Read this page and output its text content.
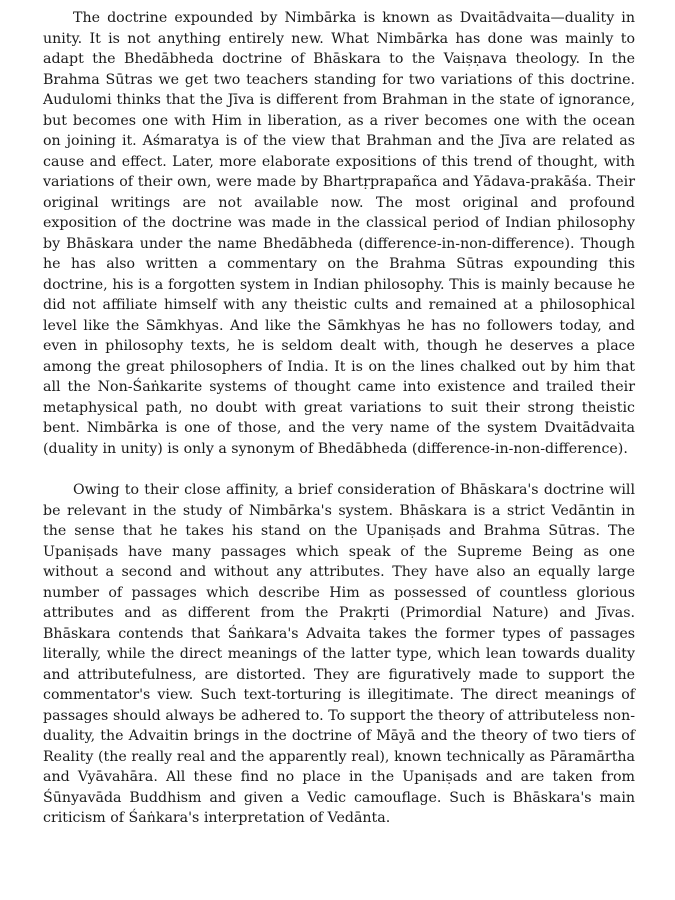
The doctrine expounded by Nimbārka is known as Dvaitādvaita—duality in unity. It is not anything entirely new. What Nimbārka has done was mainly to adapt the Bhedābheda doctrine of Bhāskara to the Vaiṣṇava theology. In the Brahma Sūtras we get two teachers standing for two variations of this doctrine. Audulomi thinks that the Jīva is different from Brahman in the state of ignorance, but becomes one with Him in liberation, as a river becomes one with the ocean on joining it. Aśmaratya is of the view that Brahman and the Jīva are related as cause and effect. Later, more elaborate expositions of this trend of thought, with variations of their own, were made by Bhartṛprapañca and Yādava-prakāśa. Their original writings are not available now. The most original and profound exposition of the doctrine was made in the classical period of Indian philosophy by Bhāskara under the name Bhedābheda (difference-in-non-difference). Though he has also written a commentary on the Brahma Sūtras expounding this doctrine, his is a forgotten system in Indian philosophy. This is mainly because he did not affiliate himself with any theistic cults and remained at a philosophical level like the Sāmkhyas. And like the Sāmkhyas he has no followers today, and even in philosophy texts, he is seldom dealt with, though he deserves a place among the great philosophers of India. It is on the lines chalked out by him that all the Non-Śaṅkarite systems of thought came into existence and trailed their metaphysical path, no doubt with great variations to suit their strong theistic bent. Nimbārka is one of those, and the very name of the system Dvaitādvaita (duality in unity) is only a synonym of Bhedābheda (difference-in-non-difference).

Owing to their close affinity, a brief consideration of Bhāskara's doctrine will be relevant in the study of Nimbārka's system. Bhāskara is a strict Vedāntin in the sense that he takes his stand on the Upaniṣads and Brahma Sūtras. The Upaniṣads have many passages which speak of the Supreme Being as one without a second and without any attributes. They have also an equally large number of passages which describe Him as possessed of countless glorious attributes and as different from the Prakṛti (Primordial Nature) and Jīvas. Bhāskara contends that Śaṅkara's Advaita takes the former types of passages literally, while the direct meanings of the latter type, which lean towards duality and attributefulness, are distorted. They are figuratively made to support the commentator's view. Such text-torturing is illegitimate. The direct meanings of passages should always be adhered to. To support the theory of attributeless non-duality, the Advaitin brings in the doctrine of Māyā and the theory of two tiers of Reality (the really real and the apparently real), known technically as Pāramārtha and Vyāvahāra. All these find no place in the Upaniṣads and are taken from Śūnyavāda Buddhism and given a Vedic camouflage. Such is Bhāskara's main criticism of Śaṅkara's interpretation of Vedānta.
